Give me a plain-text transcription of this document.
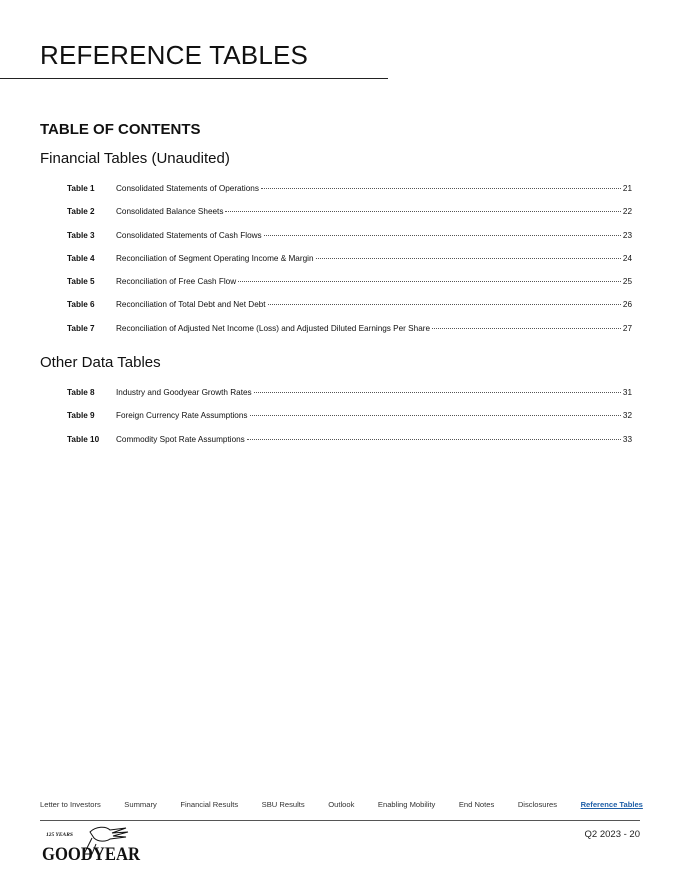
REFERENCE TABLES
TABLE OF CONTENTS
Financial Tables (Unaudited)
Table 1	Consolidated Statements of Operations	21
Table 2	Consolidated Balance Sheets	22
Table 3	Consolidated Statements of Cash Flows	23
Table 4	Reconciliation of Segment Operating Income & Margin	24
Table 5	Reconciliation of Free Cash Flow	25
Table 6	Reconciliation of Total Debt and Net Debt	26
Table 7	Reconciliation of Adjusted Net Income (Loss) and Adjusted Diluted Earnings Per Share	27
Other Data Tables
Table 8	Industry and Goodyear Growth Rates	31
Table 9	Foreign Currency Rate Assumptions	32
Table 10	Commodity Spot Rate Assumptions	33
Letter to Investors	Summary	Financial Results	SBU Results	Outlook	Enabling Mobility	End Notes	Disclosures	Reference Tables
Q2 2023 - 20
125 YEARS
GOODYEAR
